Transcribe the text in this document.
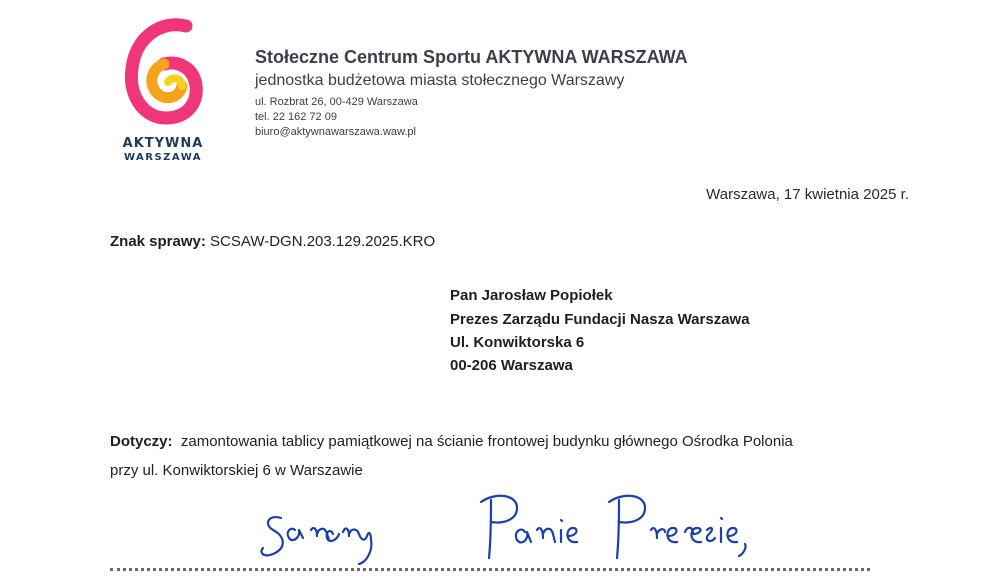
AKTYWNA
WARSZAWA
Stołeczne Centrum Sportu AKTYWNA WARSZAWA
jednostka budżetowa miasta stołecznego Warszawy
ul. Rozbrat 26, 00-429 Warszawa
tel. 22 162 72 09
biuro@aktywnawarszawa.waw.pl
Warszawa, 17 kwietnia 2025 r.
Znak sprawy: SCSAW-DGN.203.129.2025.KRO
Pan Jarosław Popiołek
Prezes Zarządu Fundacji Nasza Warszawa
Ul. Konwiktorska 6
00-206 Warszawa
Dotyczy: zamontowania tablicy pamiątkowej na ścianie frontowej budynku głównego Ośrodka Polonia
przy ul. Konwiktorskiej 6 w Warszawie
